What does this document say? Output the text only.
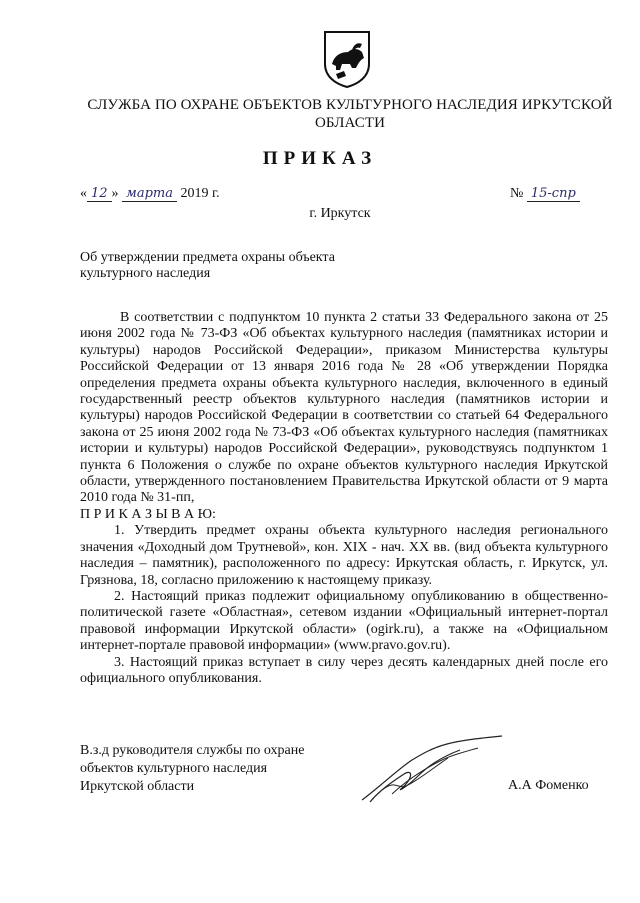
СЛУЖБА ПО ОХРАНЕ ОБЪЕКТОВ КУЛЬТУРНОГО НАСЛЕДИЯ ИРКУТСКОЙ ОБЛАСТИ
ПРИКАЗ
« 12 » марта 2019 г.	№ 15-спр
г. Иркутск
Об утверждении предмета охраны объекта культурного наследия

В соответствии с подпунктом 10 пункта 2 статьи 33 Федерального закона от 25 июня 2002 года № 73-ФЗ «Об объектах культурного наследия (памятниках истории и культуры) народов Российской Федерации», приказом Министерства культуры Российской Федерации от 13 января 2016 года № 28 «Об утверждении Порядка определения предмета охраны объекта культурного наследия, включенного в единый государственный реестр объектов культурного наследия (памятников истории и культуры) народов Российской Федерации в соответствии со статьей 64 Федерального закона от 25 июня 2002 года № 73-ФЗ «Об объектах культурного наследия (памятниках истории и культуры) народов Российской Федерации», руководствуясь подпунктом 1 пункта 6 Положения о службе по охране объектов культурного наследия Иркутской области, утвержденного постановлением Правительства Иркутской области от 9 марта 2010 года № 31-пп,

П Р И К А З Ы В А Ю:

1. Утвердить предмет охраны объекта культурного наследия регионального значения «Доходный дом Трутневой», кон. XIX - нач. XX вв. (вид объекта культурного наследия – памятник), расположенного по адресу: Иркутская область, г. Иркутск, ул. Грязнова, 18, согласно приложению к настоящему приказу.

2. Настоящий приказ подлежит официальному опубликованию в общественно-политической газете «Областная», сетевом издании «Официальный интернет-портал правовой информации Иркутской области» (ogirk.ru), а также на «Официальном интернет-портале правовой информации» (www.pravo.gov.ru).

3. Настоящий приказ вступает в силу через десять календарных дней после его официального опубликования.

В.з.д руководителя службы по охране
объектов культурного наследия
Иркутской области	А.А Фоменко
